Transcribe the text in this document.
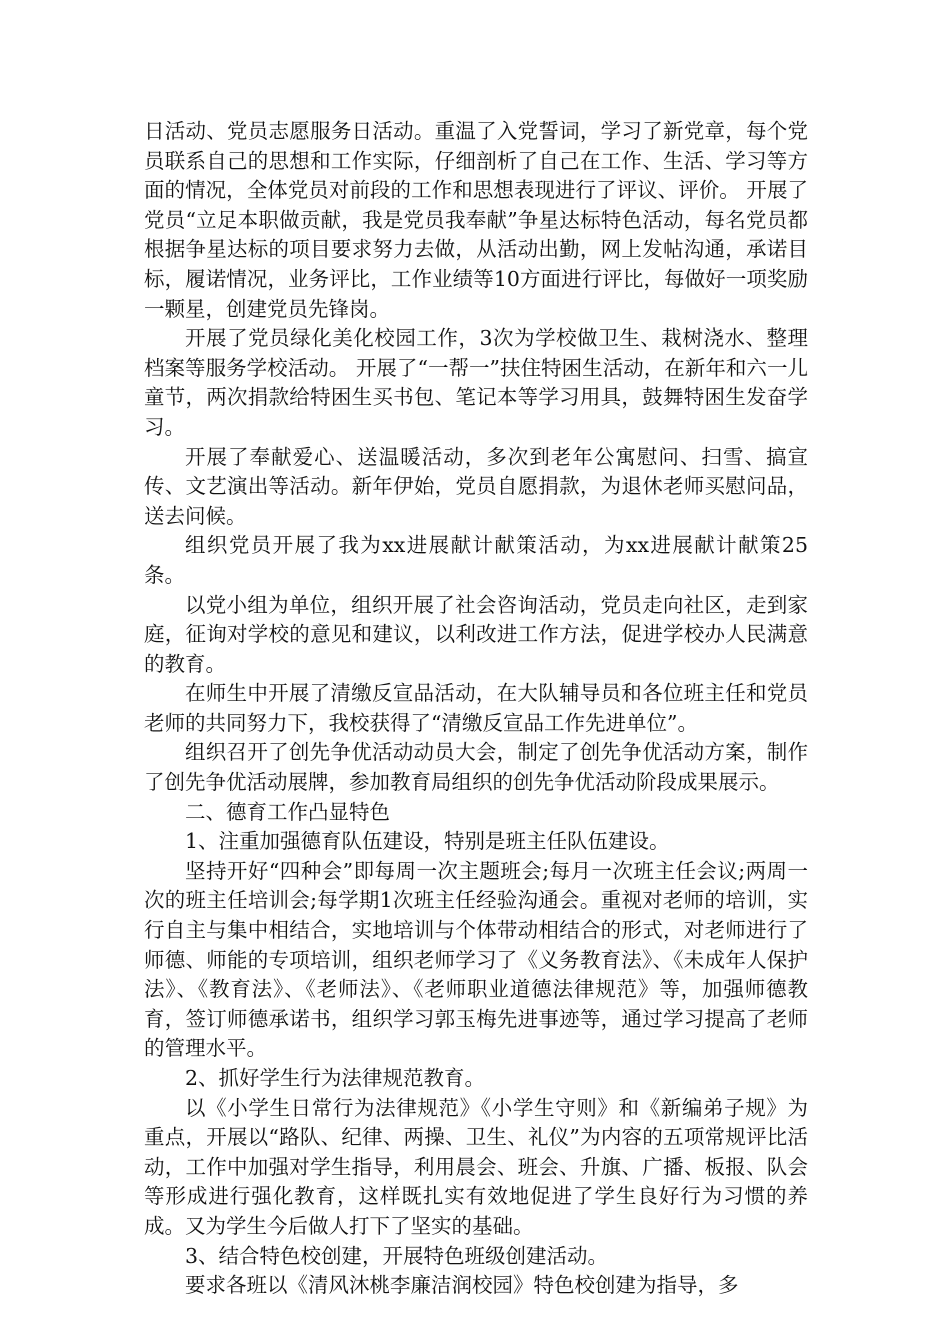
日活动、党员志愿服务日活动。重温了入党誓词，学习了新党章，每个党员联系自己的思想和工作实际，仔细剖析了自己在工作、生活、学习等方面的情况，全体党员对前段的工作和思想表现进行了评议、评价。 开展了党员“立足本职做贡献，我是党员我奉献”争星达标特色活动，每名党员都根据争星达标的项目要求努力去做，从活动出勤，网上发帖沟通，承诺目标，履诺情况，业务评比，工作业绩等10方面进行评比，每做好一项奖励一颗星，创建党员先锋岗。

开展了党员绿化美化校园工作，3次为学校做卫生、栽树浇水、整理档案等服务学校活动。 开展了“一帮一”扶住特困生活动，在新年和六一儿童节，两次捐款给特困生买书包、笔记本等学习用具，鼓舞特困生发奋学习。

开展了奉献爱心、送温暖活动，多次到老年公寓慰问、扫雪、搞宣传、文艺演出等活动。新年伊始，党员自愿捐款，为退休老师买慰问品，送去问候。

组织党员开展了我为xx进展献计献策活动，为xx进展献计献策25条。

以党小组为单位，组织开展了社会咨询活动，党员走向社区，走到家庭，征询对学校的意见和建议，以利改进工作方法，促进学校办人民满意的教育。

在师生中开展了清缴反宣品活动，在大队辅导员和各位班主任和党员老师的共同努力下，我校获得了“清缴反宣品工作先进单位”。

组织召开了创先争优活动动员大会，制定了创先争优活动方案，制作了创先争优活动展牌，参加教育局组织的创先争优活动阶段成果展示。

二、德育工作凸显特色

1、注重加强德育队伍建设，特别是班主任队伍建设。

坚持开好“四种会”即每周一次主题班会;每月一次班主任会议;两周一次的班主任培训会;每学期1次班主任经验沟通会。重视对老师的培训，实行自主与集中相结合，实地培训与个体带动相结合的形式，对老师进行了师德、师能的专项培训，组织老师学习了《义务教育法》、《未成年人保护法》、《教育法》、《老师法》、《老师职业道德法律规范》等，加强师德教育，签订师德承诺书，组织学习郭玉梅先进事迹等，通过学习提高了老师的管理水平。

2、抓好学生行为法律规范教育。

以《小学生日常行为法律规范》《小学生守则》和《新编弟子规》为重点，开展以“路队、纪律、两操、卫生、礼仪”为内容的五项常规评比活动，工作中加强对学生指导，利用晨会、班会、升旗、广播、板报、队会等形成进行强化教育，这样既扎实有效地促进了学生良好行为习惯的养成。又为学生今后做人打下了坚实的基础。

3、结合特色校创建，开展特色班级创建活动。

要求各班以《清风沐桃李廉洁润校园》特色校创建为指导，多
